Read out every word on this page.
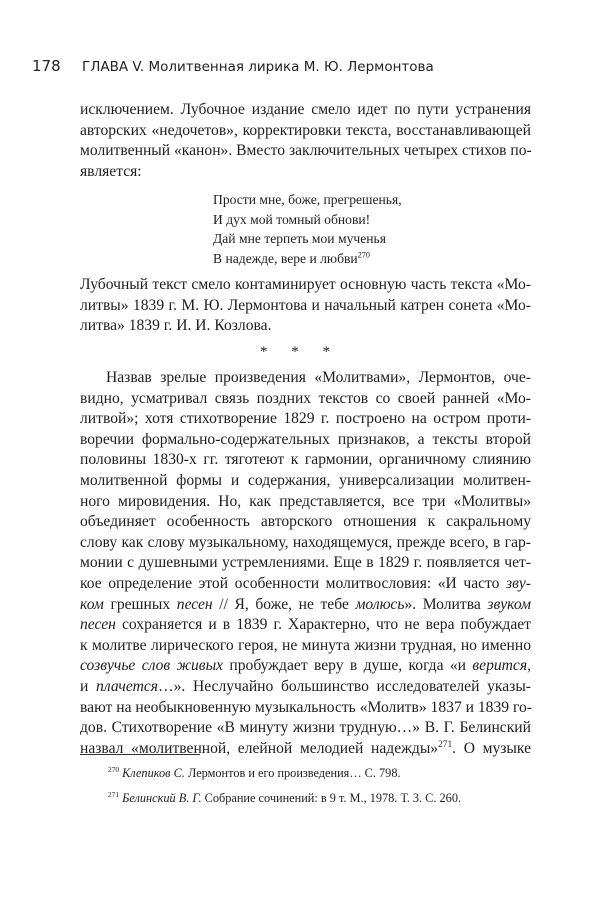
178 ГЛАВА V. Молитвенная лирика М. Ю. Лермонтова
исключением. Лубочное издание смело идет по пути устранения
авторских «недочетов», корректировки текста, восстанавливающей
молитвенный «канон». Вместо заключительных четырех стихов по-
является:
Прости мне, боже, прегрешенья,
И дух мой томный обнови!
Дай мне терпеть мои мученья
В надежде, вере и любви$^{270}$
Лубочный текст смело контаминирует основную часть текста «Мо-
литвы» 1839 г. М. Ю. Лермонтова и начальный катрен сонета «Мо-
литва» 1839 г. И. И. Козлова.
* * *
Назвав зрелые произведения «Молитвами», Лермонтов, оче-
видно, усматривал связь поздних текстов со своей ранней «Мо-
литвой»; хотя стихотворение 1829 г. построено на остром проти-
воречии формально-содержательных признаков, а тексты второй
половины 1830-х гг. тяготеют к гармонии, органичному слиянию
молитвенной формы и содержания, универсализации молитвен-
ного мировидения. Но, как представляется, все три «Молитвы»
объединяет особенность авторского отношения к сакральному
слову как слову музыкальному, находящемуся, прежде всего, в гар-
монии с душевными устремлениями. Еще в 1829 г. появляется чет-
кое определение этой особенности молитвословия: «И часто зву-
ком грешных песен // Я, боже, не тебе молюсь». Молитва звуком
песен сохраняется и в 1839 г. Характерно, что не вера побуждает
к молитве лирического героя, не минута жизни трудная, но именно
созвучье слов живых пробуждает веру в душе, когда «и верится,
и плачется…». Неслучайно большинство исследователей указы-
вают на необыкновенную музыкальность «Молитв» 1837 и 1839 го-
дов. Стихотворение «В минуту жизни трудную…» В. Г. Белинский
назвал «молитвенной, елейной мелодией надежды»$^{271}$. О музыке
$^{270}$ Клепиков С. Лермонтов и его произведения… С. 798.
$^{271}$ Белинский В. Г. Собрание сочинений: в 9 т. М., 1978. Т. 3. С. 260.
